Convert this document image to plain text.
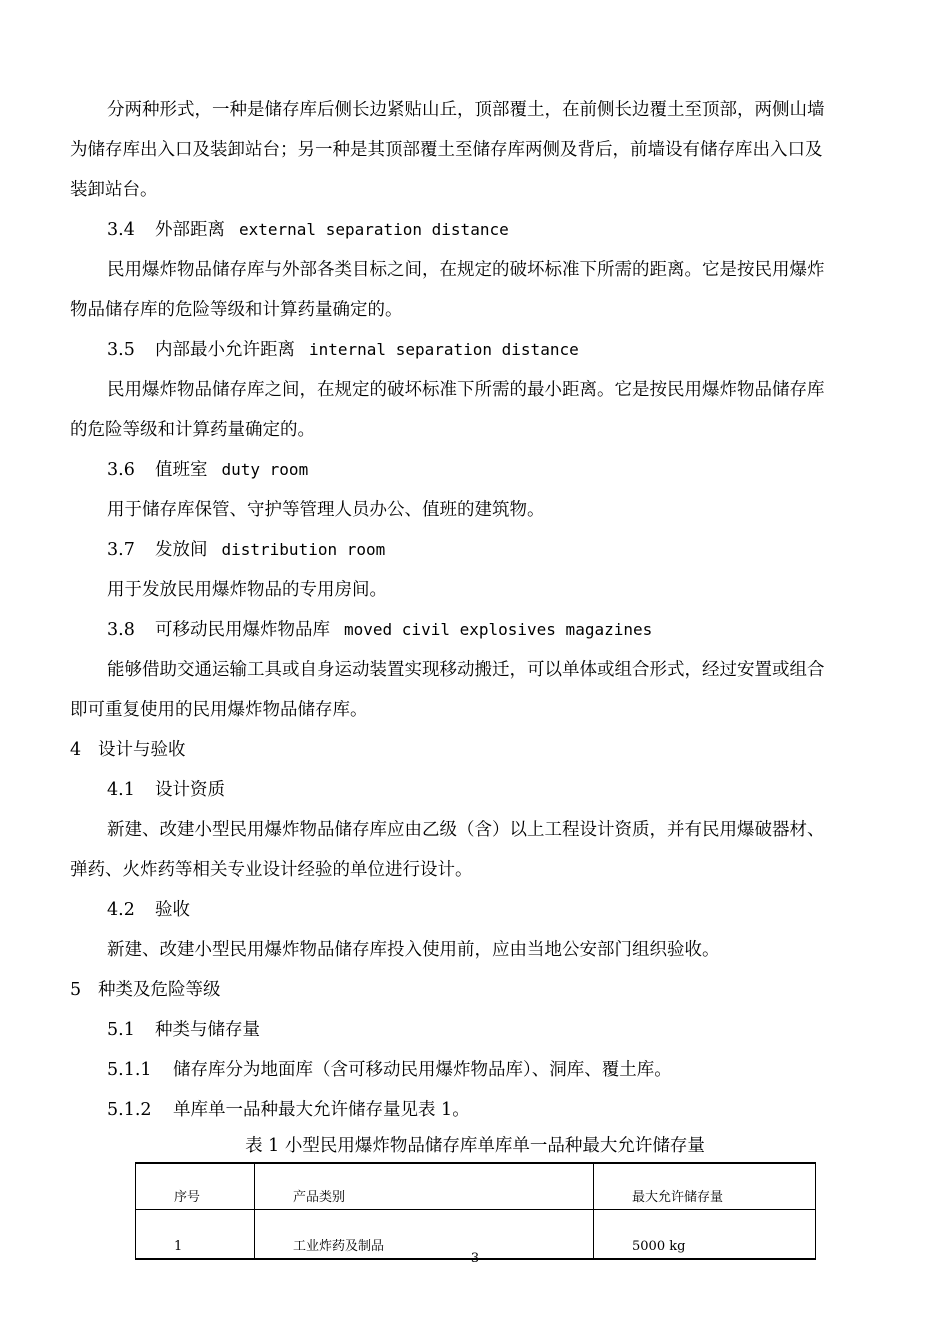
分两种形式，一种是储存库后侧长边紧贴山丘，顶部覆土，在前侧长边覆土至顶部，两侧山墙
为储存库出入口及装卸站台；另一种是其顶部覆土至储存库两侧及背后，前墙设有储存库出入口及
装卸站台。
3.4 外部距离 external separation distance
民用爆炸物品储存库与外部各类目标之间，在规定的破坏标准下所需的距离。它是按民用爆炸
物品储存库的危险等级和计算药量确定的。
3.5 内部最小允许距离 internal separation distance
民用爆炸物品储存库之间，在规定的破坏标准下所需的最小距离。它是按民用爆炸物品储存库
的危险等级和计算药量确定的。
3.6 值班室 duty room
用于储存库保管、守护等管理人员办公、值班的建筑物。
3.7 发放间 distribution room
用于发放民用爆炸物品的专用房间。
3.8 可移动民用爆炸物品库 moved civil explosives magazines
能够借助交通运输工具或自身运动装置实现移动搬迁，可以单体或组合形式，经过安置或组合
即可重复使用的民用爆炸物品储存库。
4 设计与验收
4.1 设计资质
新建、改建小型民用爆炸物品储存库应由乙级（含）以上工程设计资质，并有民用爆破器材、
弹药、火炸药等相关专业设计经验的单位进行设计。
4.2 验收
新建、改建小型民用爆炸物品储存库投入使用前，应由当地公安部门组织验收。
5 种类及危险等级
5.1 种类与储存量
5.1.1 储存库分为地面库（含可移动民用爆炸物品库）、洞库、覆土库。
5.1.2 单库单一品种最大允许储存量见表 1。
表 1 小型民用爆炸物品储存库单库单一品种最大允许储存量
序号	产品类别	最大允许储存量
1	工业炸药及制品	5000 kg
3
